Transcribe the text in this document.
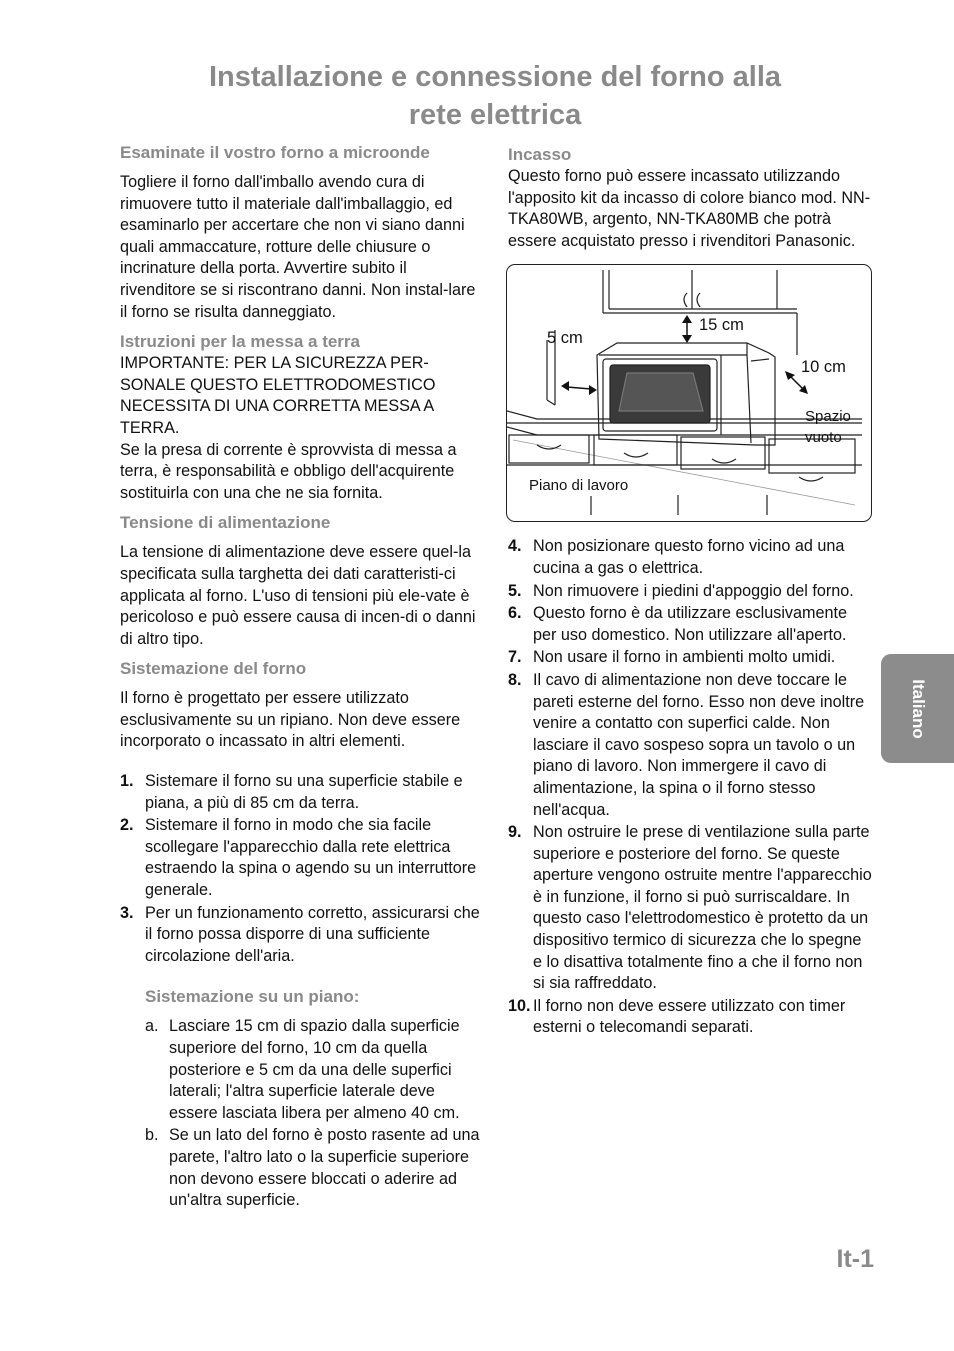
Installazione e connessione del forno alla
rete elettrica
Esaminate il vostro forno a microonde

Togliere il forno dall'imballo avendo cura di rimuovere tutto il materiale dall'imballaggio, ed esaminarlo per accertare che non vi siano danni quali ammaccature, rotture delle chiusure o incrinature della porta. Avvertire subito il rivenditore se si riscontrano danni. Non instal-lare il forno se risulta danneggiato.

Istruzioni per la messa a terra

IMPORTANTE: PER LA SICUREZZA PER-SONALE QUESTO ELETTRODOMESTICO NECESSITA DI UNA CORRETTA MESSA A TERRA.

Se la presa di corrente è sprovvista di messa a terra, è responsabilità e obbligo dell'acquirente sostituirla con una che ne sia fornita.

Tensione di alimentazione

La tensione di alimentazione deve essere quel-la specificata sulla targhetta dei dati caratteristi-ci applicata al forno. L'uso di tensioni più ele-vate è pericoloso e può essere causa di incen-di o danni di altro tipo.

Sistemazione del forno

Il forno è progettato per essere utilizzato esclusivamente su un ripiano. Non deve essere incorporato o incassato in altri elementi.

1. Sistemare il forno su una superficie stabile e piana, a più di 85 cm da terra.
2. Sistemare il forno in modo che sia facile scollegare l'apparecchio dalla rete elettrica estraendo la spina o agendo su un interruttore generale.
3. Per un funzionamento corretto, assicurarsi che il forno possa disporre di una sufficiente circolazione dell'aria.
Sistemazione su un piano:
a. Lasciare 15 cm di spazio dalla superficie superiore del forno, 10 cm da quella posteriore e 5 cm da una delle superfici laterali; l'altra superficie laterale deve essere lasciata libera per almeno 40 cm.
b. Se un lato del forno è posto rasente ad una parete, l'altro lato o la superficie superiore non devono essere bloccati o aderire ad un'altra superficie.
Incasso

Questo forno può essere incassato utilizzando l'apposito kit da incasso di colore bianco mod. NN-TKA80WB, argento, NN-TKA80MB che potrà essere acquistato presso i rivenditori Panasonic.

15 cm
5 cm
10 cm
Spazio
vuoto
Piano di lavoro
4. Non posizionare questo forno vicino ad una cucina a gas o elettrica.
5. Non rimuovere i piedini d'appoggio del forno.
6. Questo forno è da utilizzare esclusivamente per uso domestico. Non utilizzare all'aperto.
7. Non usare il forno in ambienti molto umidi.
8. Il cavo di alimentazione non deve toccare le pareti esterne del forno. Esso non deve inoltre venire a contatto con superfici calde. Non lasciare il cavo sospeso sopra un tavolo o un piano di lavoro. Non immergere il cavo di alimentazione, la spina o il forno stesso nell'acqua.
9. Non ostruire le prese di ventilazione sulla parte superiore e posteriore del forno. Se queste aperture vengono ostruite mentre l'apparecchio è in funzione, il forno si può surriscaldare. In questo caso l'elettrodomestico è protetto da un dispositivo termico di sicurezza che lo spegne e lo disattiva totalmente fino a che il forno non si sia raffreddato.
10. Il forno non deve essere utilizzato con timer esterni o telecomandi separati.
Italiano
It-1
